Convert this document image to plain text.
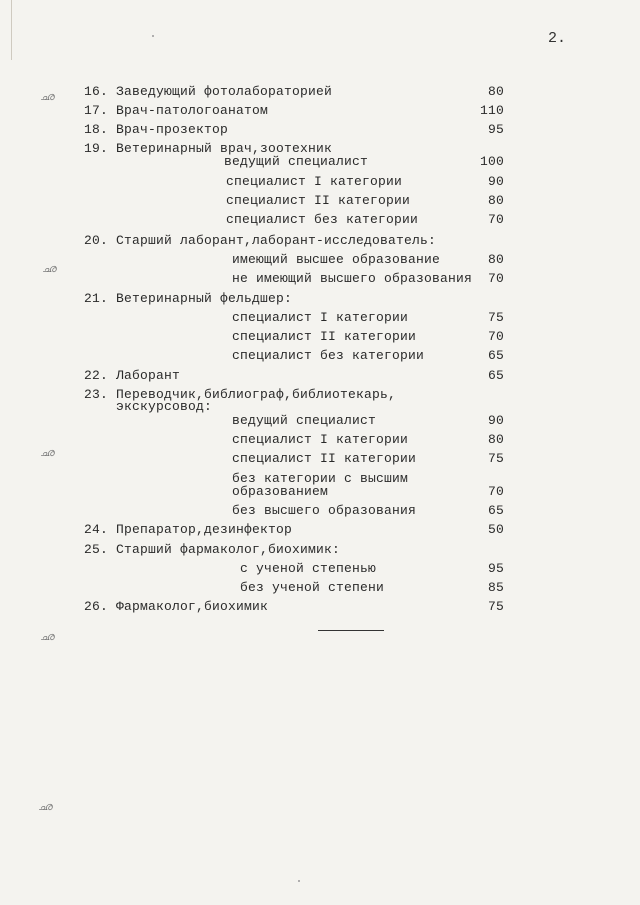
2.
ഛ
ഛ
ഛ
ഛ
ഛ
16. Заведующий фотолабораторией	80
17. Врач-патологоанатом	110
18. Врач-прозектор	95
19. Ветеринарный врач,зоотехник
ведущий специалист	100
специалист I категории	90
специалист II категории	80
специалист без категории	70
20. Старший лаборант,лаборант-исследователь:
имеющий высшее образование	80
не имеющий высшего образования	70
21. Ветеринарный фельдшер:
специалист I категории	75
специалист II категории	70
специалист без категории	65
22. Лаборант	65
23. Переводчик,библиограф,библиотекарь,
экскурсовод:
ведущий специалист	90
специалист I категории	80
специалист II категории	75
без категории с высшим
образованием	70
без высшего образования	65
24. Препаратор,дезинфектор	50
25. Старший фармаколог,биохимик:
с ученой степенью	95
без ученой степени	85
26. Фармаколог,биохимик	75
